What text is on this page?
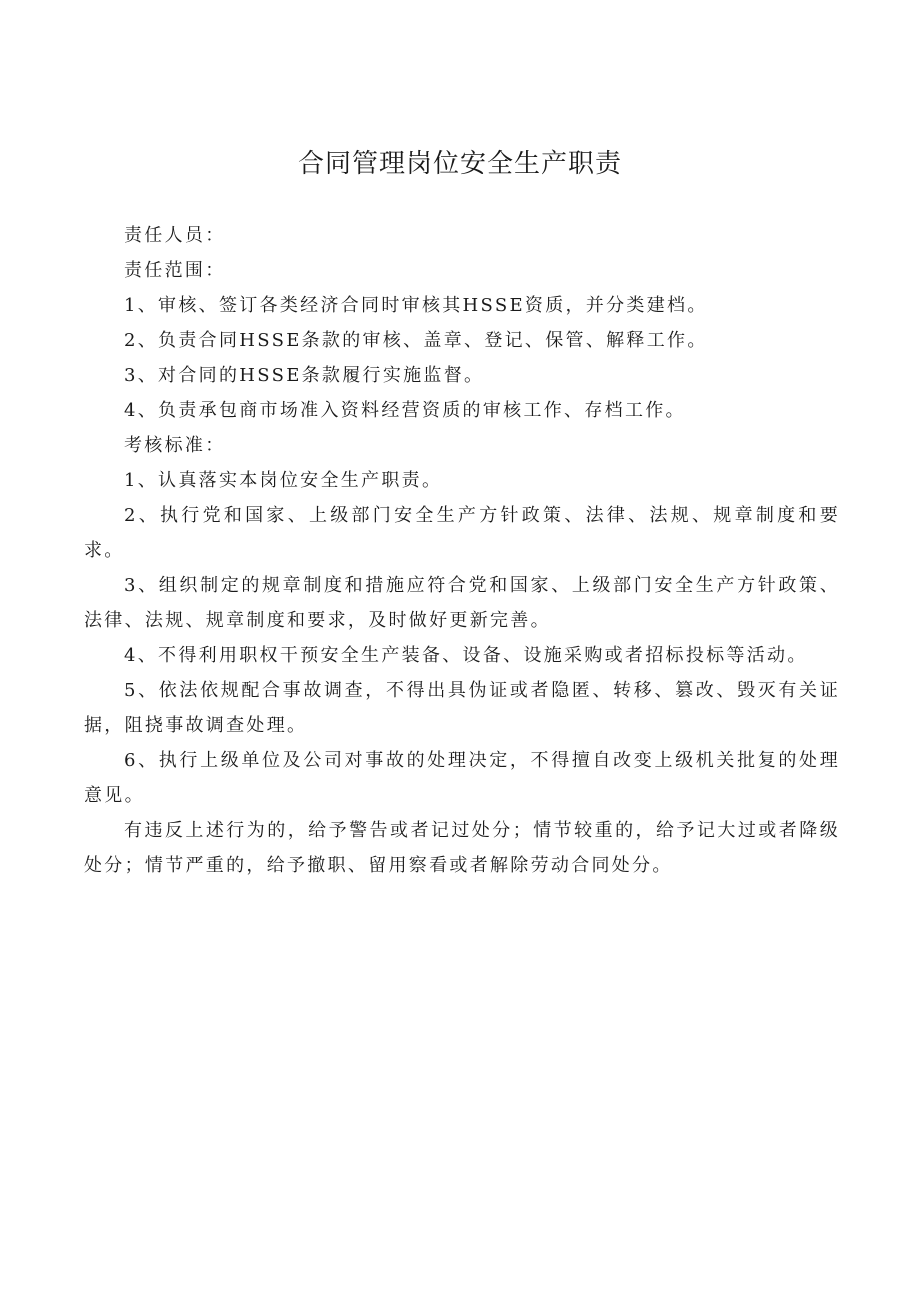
合同管理岗位安全生产职责

责任人员：

责任范围：

1、审核、签订各类经济合同时审核其HSSE资质，并分类建档。

2、负责合同HSSE条款的审核、盖章、登记、保管、解释工作。

3、对合同的HSSE条款履行实施监督。

4、负责承包商市场准入资料经营资质的审核工作、存档工作。

考核标准：

1、认真落实本岗位安全生产职责。

2、执行党和国家、上级部门安全生产方针政策、法律、法规、规章制度和要求。

3、组织制定的规章制度和措施应符合党和国家、上级部门安全生产方针政策、法律、法规、规章制度和要求，及时做好更新完善。

4、不得利用职权干预安全生产装备、设备、设施采购或者招标投标等活动。

5、依法依规配合事故调查，不得出具伪证或者隐匿、转移、篡改、毁灭有关证据，阻挠事故调查处理。

6、执行上级单位及公司对事故的处理决定，不得擅自改变上级机关批复的处理意见。

有违反上述行为的，给予警告或者记过处分；情节较重的，给予记大过或者降级处分；情节严重的，给予撤职、留用察看或者解除劳动合同处分。
